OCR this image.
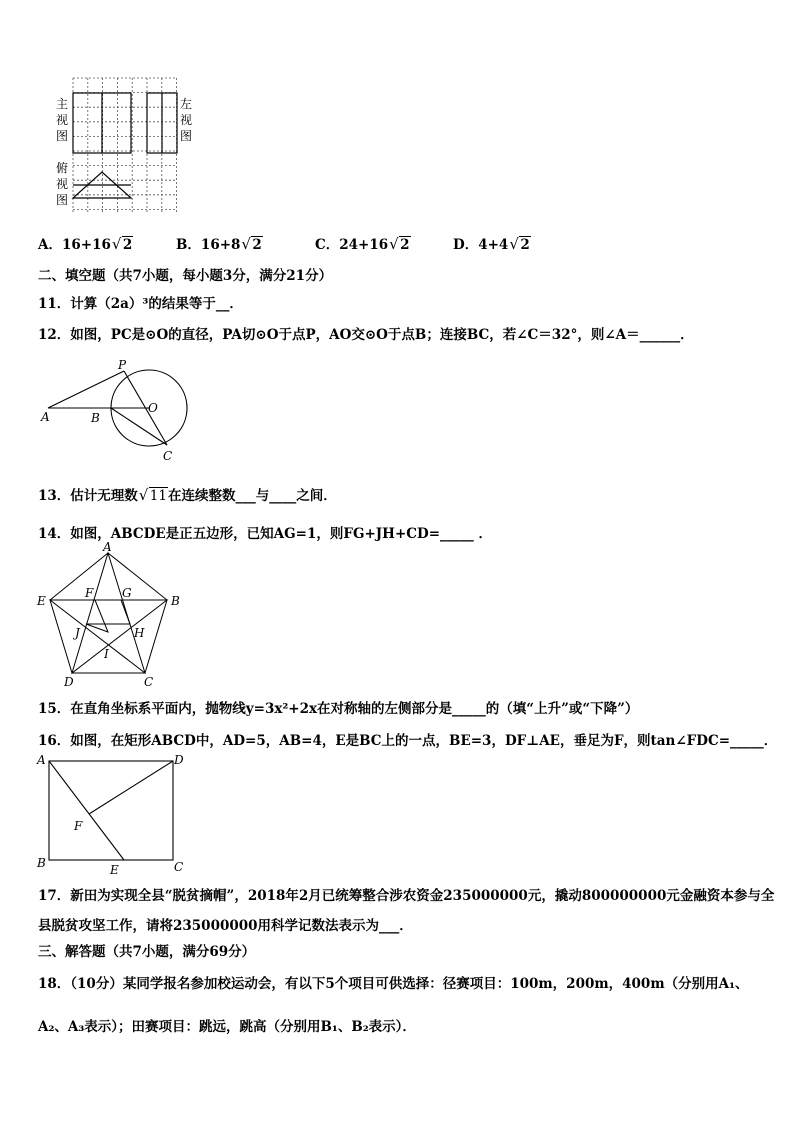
主
视
图
左
视
图
俯
视
图
A．16+16 √ 2	B．16+8 √ 2	C．24+16 √ 2	D．4+4 √ 2
二、填空题（共7小题，每小题3分，满分21分）
11．计算（2a）³的结果等于__．
12．如图，PC是⊙O的直径，PA切⊙O于点P，AO交⊙O于点B；连接BC，若∠C＝32°，则∠A＝______．
P
O
A	B
C
13．估计无理数 √ 11在连续整数___与____之间．
14．如图，ABCDE是正五边形，已知AG=1，则FG+JH+CD=_____ ．
A
B
C
D
E
F G
H
I
J
15．在直角坐标系平面内，抛物线y=3x²+2x在对称轴的左侧部分是_____的（填“上升”或“下降”）
16．如图，在矩形ABCD中，AD=5，AB=4，E是BC上的一点，BE=3，DF⊥AE，垂足为F，则tan∠FDC=_____．
A	D
F
B	E	C
17．新田为实现全县“脱贫摘帽”，2018年2月已统筹整合涉农资金235000000元，撬动800000000元金融资本参与全
县脱贫攻坚工作，请将235000000用科学记数法表示为___．
三、解答题（共7小题，满分69分）
18．（10分）某同学报名参加校运动会，有以下5个项目可供选择：径赛项目：100m，200m，400m（分别用A₁、
A₂、A₃表示）；田赛项目：跳远，跳高（分别用B₁、B₂表示）．
